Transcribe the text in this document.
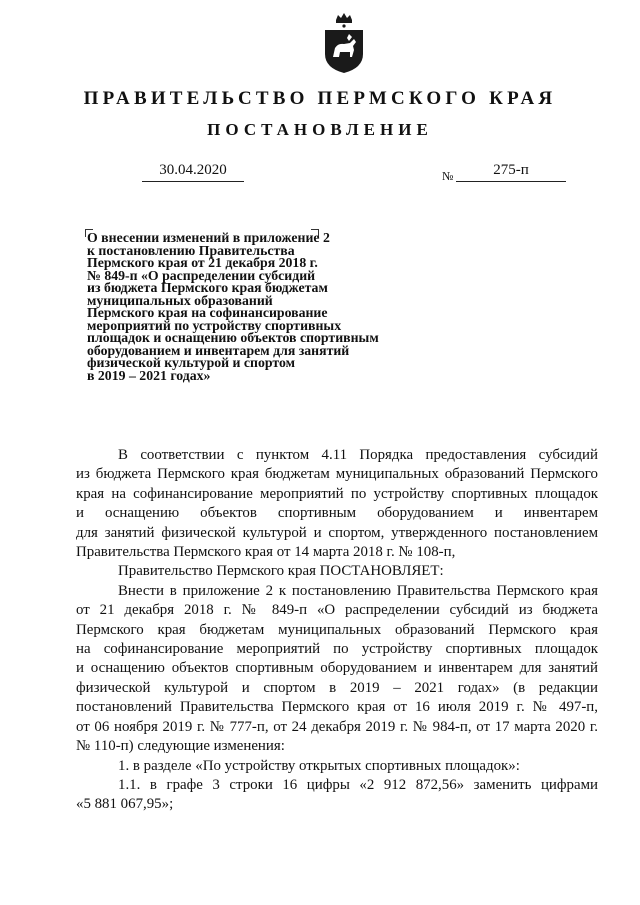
ПРАВИТЕЛЬСТВО ПЕРМСКОГО КРАЯ
ПОСТАНОВЛЕНИЕ
30.04.2020	№	275-п
О внесении изменений в приложение 2
к постановлению Правительства
Пермского края от 21 декабря 2018 г.
№ 849-п «О распределении субсидий
из бюджета Пермского края бюджетам
муниципальных образований
Пермского края на софинансирование
мероприятий по устройству спортивных
площадок и оснащению объектов спортивным
оборудованием и инвентарем для занятий
физической культурой и спортом
в 2019 – 2021 годах»
В соответствии с пунктом 4.11 Порядка предоставления субсидий
из бюджета Пермского края бюджетам муниципальных образований Пермского
края на софинансирование мероприятий по устройству спортивных площадок
и оснащению объектов спортивным оборудованием и инвентарем
для занятий физической культурой и спортом, утвержденного постановлением
Правительства Пермского края от 14 марта 2018 г. № 108-п,
Правительство Пермского края ПОСТАНОВЛЯЕТ:
Внести в приложение 2 к постановлению Правительства Пермского края
от 21 декабря 2018 г. № 849-п «О распределении субсидий из бюджета
Пермского края бюджетам муниципальных образований Пермского края
на софинансирование мероприятий по устройству спортивных площадок
и оснащению объектов спортивным оборудованием и инвентарем для занятий
физической культурой и спортом в 2019 – 2021 годах» (в редакции
постановлений Правительства Пермского края от 16 июля 2019 г. № 497-п,
от 06 ноября 2019 г. № 777-п, от 24 декабря 2019 г. № 984-п, от 17 марта 2020 г.
№ 110-п) следующие изменения:
1. в разделе «По устройству открытых спортивных площадок»:
1.1. в графе 3 строки 16 цифры «2 912 872,56» заменить цифрами
«5 881 067,95»;
